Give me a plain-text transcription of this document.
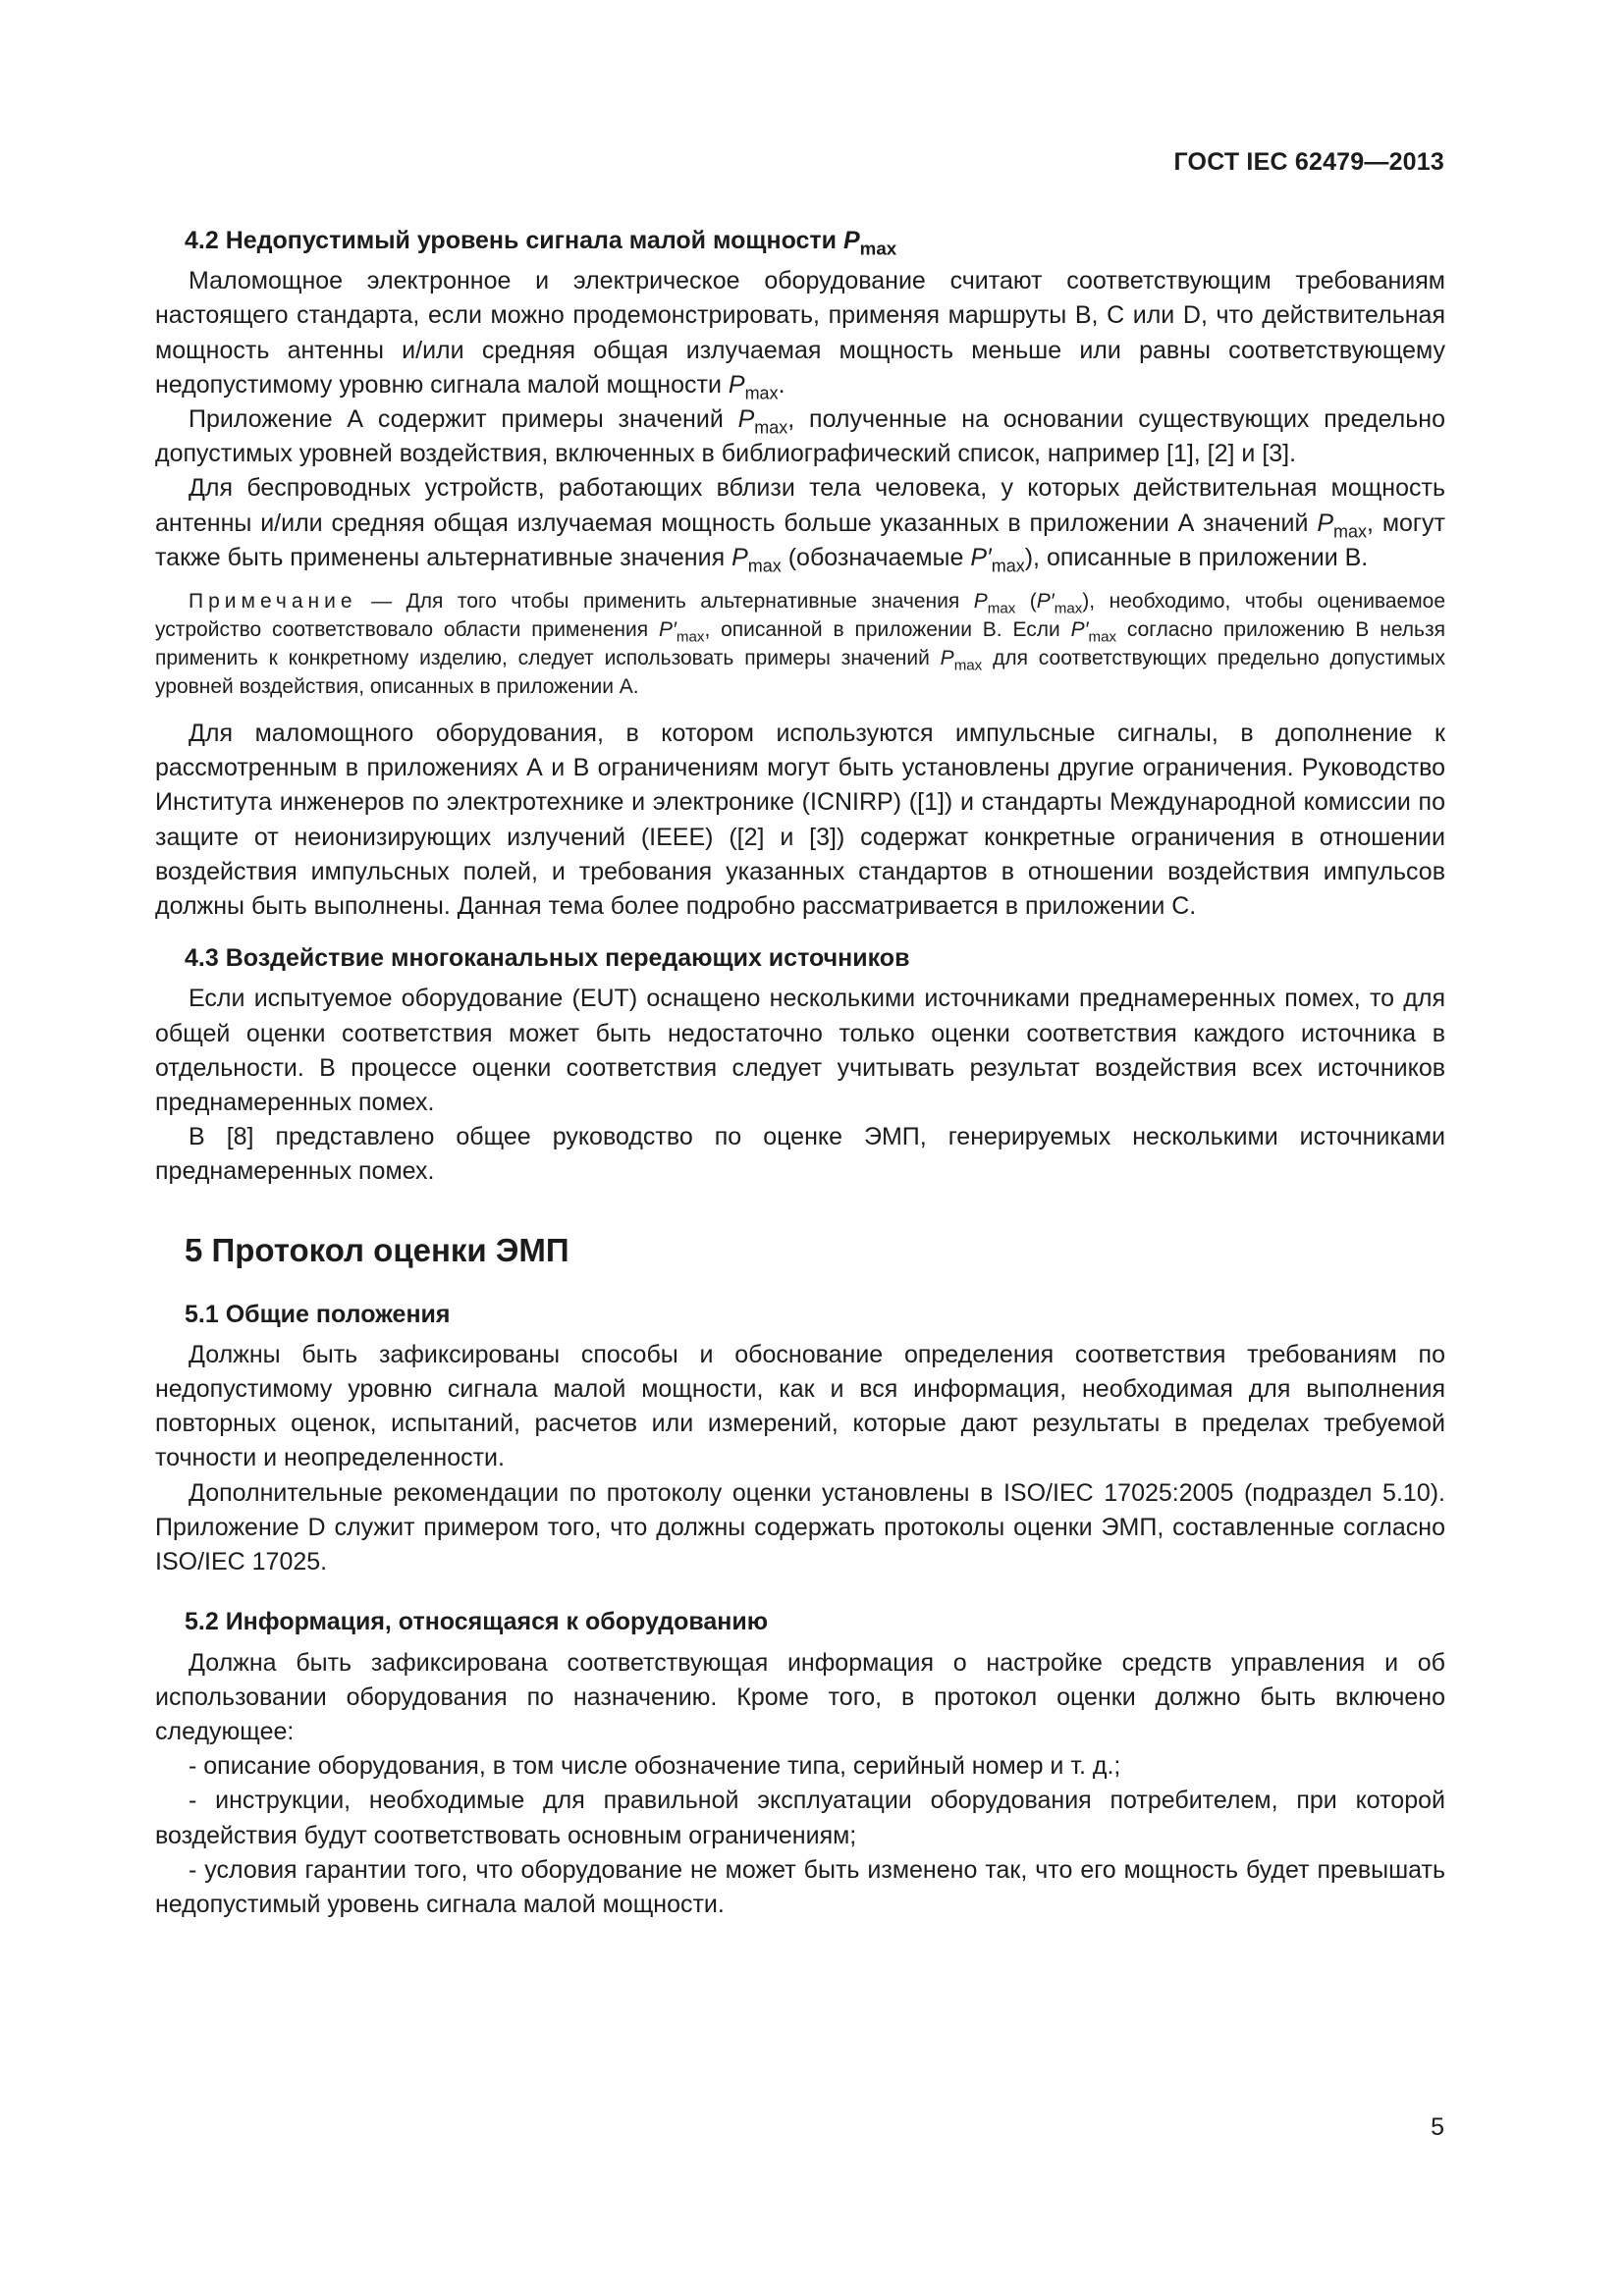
ГОСТ IEC 62479—2013
4.2 Недопустимый уровень сигнала малой мощности $P_{max}$

Маломощное электронное и электрическое оборудование считают соответствующим требованиям настоящего стандарта, если можно продемонстрировать, применяя маршруты В, С или D, что действительная мощность антенны и/или средняя общая излучаемая мощность меньше или равны соответствующему недопустимому уровню сигнала малой мощности $P_{max}$.

Приложение А содержит примеры значений $P_{max}$, полученные на основании существующих предельно допустимых уровней воздействия, включенных в библиографический список, например [1], [2] и [3].

Для беспроводных устройств, работающих вблизи тела человека, у которых действительная мощность антенны и/или средняя общая излучаемая мощность больше указанных в приложении А значений $P_{max}$, могут также быть применены альтернативные значения $P_{max}$ (обозначаемые $P'_{max}$), описанные в приложении В.

Примечание — Для того чтобы применить альтернативные значения $P_{max}$ $(P'_{max})$, необходимо, чтобы оцениваемое устройство соответствовало области применения $P'_{max}$, описанной в приложении В. Если $P'_{max}$ согласно приложению В нельзя применить к конкретному изделию, следует использовать примеры значений $P_{max}$ для соответствующих предельно допустимых уровней воздействия, описанных в приложении А.

Для маломощного оборудования, в котором используются импульсные сигналы, в дополнение к рассмотренным в приложениях А и В ограничениям могут быть установлены другие ограничения. Руководство Института инженеров по электротехнике и электронике (ICNIRP) ([1]) и стандарты Международной комиссии по защите от неионизирующих излучений (IEEE) ([2] и [3]) содержат конкретные ограничения в отношении воздействия импульсных полей, и требования указанных стандартов в отношении воздействия импульсов должны быть выполнены. Данная тема более подробно рассматривается в приложении С.

4.3 Воздействие многоканальных передающих источников

Если испытуемое оборудование (EUT) оснащено несколькими источниками преднамеренных помех, то для общей оценки соответствия может быть недостаточно только оценки соответствия каждого источника в отдельности. В процессе оценки соответствия следует учитывать результат воздействия всех источников преднамеренных помех.

В [8] представлено общее руководство по оценке ЭМП, генерируемых несколькими источниками преднамеренных помех.

5 Протокол оценки ЭМП
5.1 Общие положения

Должны быть зафиксированы способы и обоснование определения соответствия требованиям по недопустимому уровню сигнала малой мощности, как и вся информация, необходимая для выполнения повторных оценок, испытаний, расчетов или измерений, которые дают результаты в пределах требуемой точности и неопределенности.

Дополнительные рекомендации по протоколу оценки установлены в ISO/IEC 17025:2005 (подраздел 5.10). Приложение D служит примером того, что должны содержать протоколы оценки ЭМП, составленные согласно ISO/IEC 17025.

5.2 Информация, относящаяся к оборудованию

Должна быть зафиксирована соответствующая информация о настройке средств управления и об использовании оборудования по назначению. Кроме того, в протокол оценки должно быть включено следующее:

- описание оборудования, в том числе обозначение типа, серийный номер и т. д.;

- инструкции, необходимые для правильной эксплуатации оборудования потребителем, при которой воздействия будут соответствовать основным ограничениям;

- условия гарантии того, что оборудование не может быть изменено так, что его мощность будет превышать недопустимый уровень сигнала малой мощности.

5
